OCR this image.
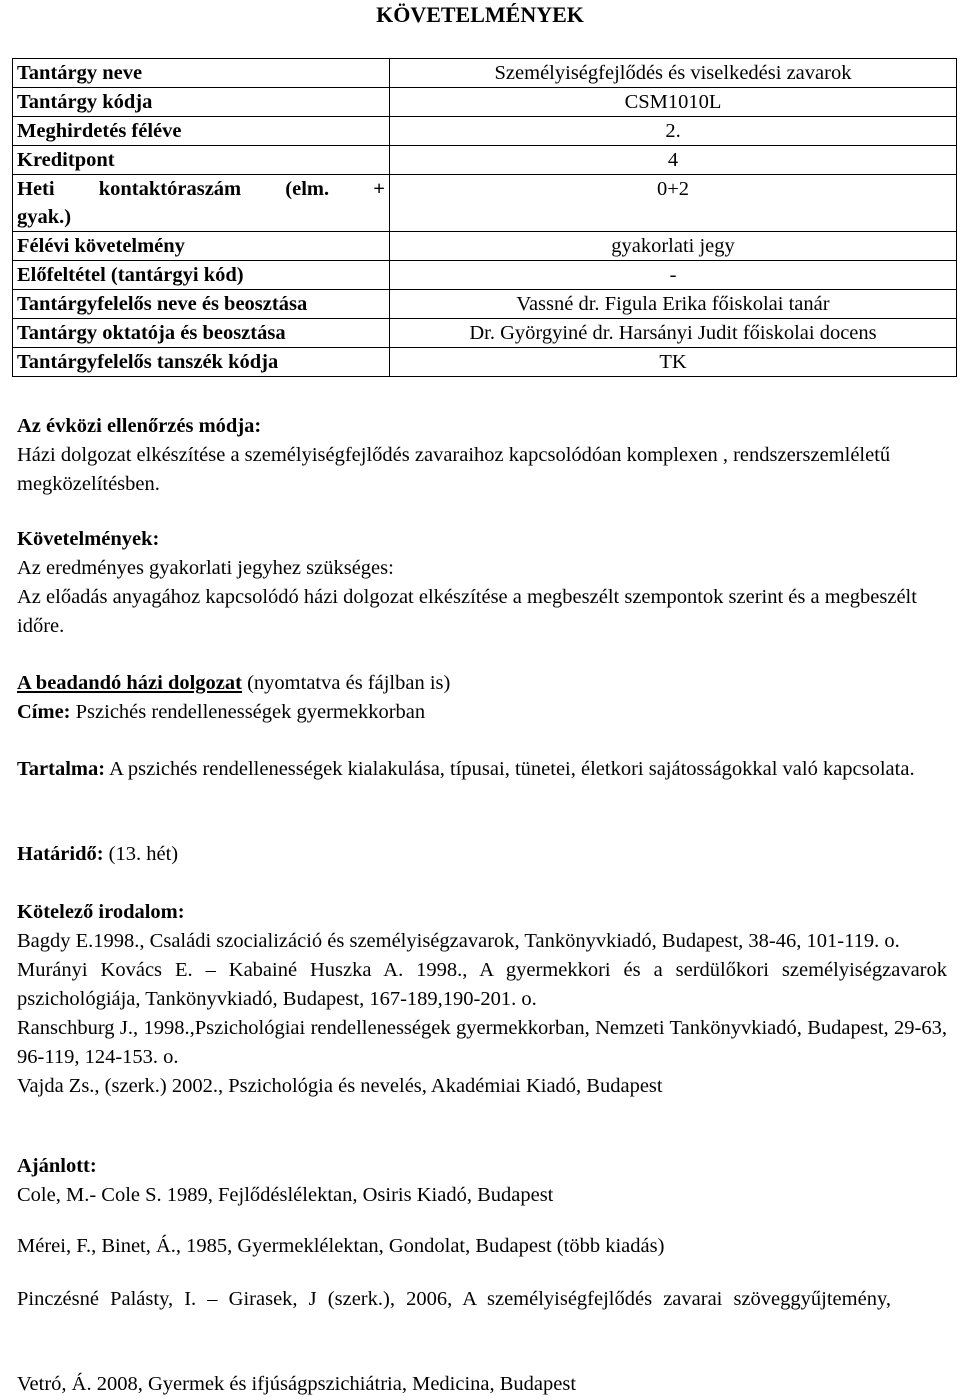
KÖVETELMÉNYEK
Tantárgy neve	Személyiségfejlődés és viselkedési zavarok
Tantárgy kódja	CSM1010L
Meghirdetés féléve	2.
Kreditpont	4
Heti kontaktóraszám (elm. + gyak.)	0+2
Félévi követelmény	gyakorlati jegy
Előfeltétel (tantárgyi kód)	-
Tantárgyfelelős neve és beosztása	Vassné dr. Figula Erika főiskolai tanár
Tantárgy oktatója és beosztása	Dr. Györgyiné dr. Harsányi Judit főiskolai docens
Tantárgyfelelős tanszék kódja	TK

Az évközi ellenőrzés módja:

Házi dolgozat elkészítése a személyiségfejlődés zavaraihoz kapcsolódóan komplexen , rendszerszemléletű megközelítésben.

Követelmények:

Az eredményes gyakorlati jegyhez szükséges:

Az előadás anyagához kapcsolódó házi dolgozat elkészítése a megbeszélt szempontok szerint és a megbeszélt időre.

A beadandó házi dolgozat (nyomtatva és fájlban is)

Címe: Pszichés rendellenességek gyermekkorban

Tartalma: A pszichés rendellenességek kialakulása, típusai, tünetei, életkori sajátosságokkal való kapcsolata.

Határidő: (13. hét)

Kötelező irodalom:

Bagdy E.1998., Családi szocializáció és személyiségzavarok, Tankönyvkiadó, Budapest, 38-46, 101-119. o.

Murányi Kovács E. – Kabainé Huszka A. 1998., A gyermekkori és a serdülőkori személyiségzavarok pszichológiája, Tankönyvkiadó, Budapest, 167-189,190-201. o.

Ranschburg J., 1998.,Pszichológiai rendellenességek gyermekkorban, Nemzeti Tankönyvkiadó, Budapest, 29-63, 96-119, 124-153. o.

Vajda Zs., (szerk.) 2002., Pszichológia és nevelés, Akadémiai Kiadó, Budapest

Ajánlott:

Cole, M.- Cole S. 1989, Fejlődéslélektan, Osiris Kiadó, Budapest

Mérei, F., Binet, Á., 1985, Gyermeklélektan, Gondolat, Budapest (több kiadás)

Pinczésné Palásty, I. – Girasek, J (szerk.), 2006, A személyiségfejlődés zavarai szöveggyűjtemény,

Vetró, Á. 2008, Gyermek és ifjúságpszichiátria, Medicina, Budapest
